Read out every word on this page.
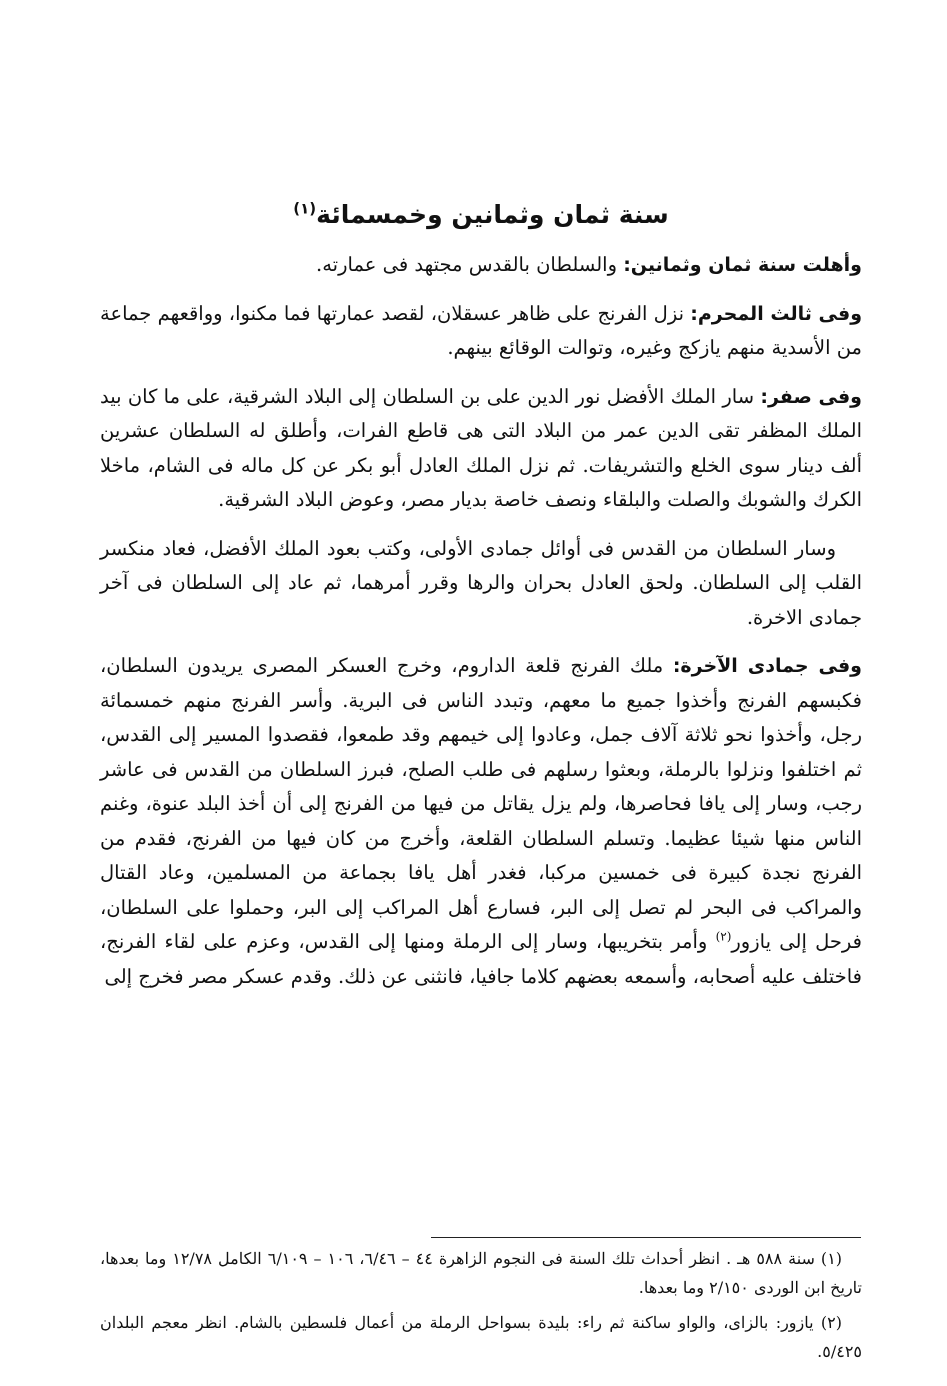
سنة ثمان وثمانين وخمسمائة$^{(١)}$

وأهلت سنة ثمان وثمانين: والسلطان بالقدس مجتهد فى عمارته.

وفى ثالث المحرم: نزل الفرنج على ظاهر عسقلان، لقصد عمارتها فما مكنوا، وواقعهم جماعة من الأسدية منهم يازكج وغيره، وتوالت الوقائع بينهم.

وفى صفر: سار الملك الأفضل نور الدين على بن السلطان إلى البلاد الشرقية، على ما كان بيد الملك المظفر تقى الدين عمر من البلاد التى هى قاطع الفرات، وأطلق له السلطان عشرين ألف دينار سوى الخلع والتشريفات. ثم نزل الملك العادل أبو بكر عن كل ماله فى الشام، ماخلا الكرك والشوبك والصلت والبلقاء ونصف خاصة بديار مصر، وعوض البلاد الشرقية.

وسار السلطان من القدس فى أوائل جمادى الأولى، وكتب بعود الملك الأفضل، فعاد منكسر القلب إلى السلطان. ولحق العادل بحران والرها وقرر أمرهما، ثم عاد إلى السلطان فى آخر جمادى الاخرة.

وفى جمادى الآخرة: ملك الفرنج قلعة الداروم، وخرج العسكر المصرى يريدون السلطان، فكبسهم الفرنج وأخذوا جميع ما معهم، وتبدد الناس فى البرية. وأسر الفرنج منهم خمسمائة رجل، وأخذوا نحو ثلاثة آلاف جمل، وعادوا إلى خيمهم وقد طمعوا، فقصدوا المسير إلى القدس، ثم اختلفوا ونزلوا بالرملة، وبعثوا رسلهم فى طلب الصلح، فبرز السلطان من القدس فى عاشر رجب، وسار إلى يافا فحاصرها، ولم يزل يقاتل من فيها من الفرنج إلى أن أخذ البلد عنوة، وغنم الناس منها شيئا عظيما. وتسلم السلطان القلعة، وأخرج من كان فيها من الفرنج، فقدم من الفرنج نجدة كبيرة فى خمسين مركبا، فغدر أهل يافا بجماعة من المسلمين، وعاد القتال والمراكب فى البحر لم تصل إلى البر، فسارع أهل المراكب إلى البر، وحملوا على السلطان، فرحل إلى يازور$^{(٢)}$ وأمر بتخريبها، وسار إلى الرملة ومنها إلى القدس، وعزم على لقاء الفرنج، فاختلف عليه أصحابه، وأسمعه بعضهم كلاما جافيا، فانثنى عن ذلك. وقدم عسكر مصر فخرج إلى

(١) سنة ٥٨٨ هـ . انظر أحداث تلك السنة فى النجوم الزاهرة ٤٤ – ٦/٤٦، ١٠٦ – ٦/١٠٩ الكامل ١٢/٧٨ وما بعدها، تاريخ ابن الوردى ٢/١٥٠ وما بعدها.

(٢) يازور: بالزاى، والواو ساكنة ثم راء: بليدة بسواحل الرملة من أعمال فلسطين بالشام. انظر معجم البلدان ٥/٤٢٥.
